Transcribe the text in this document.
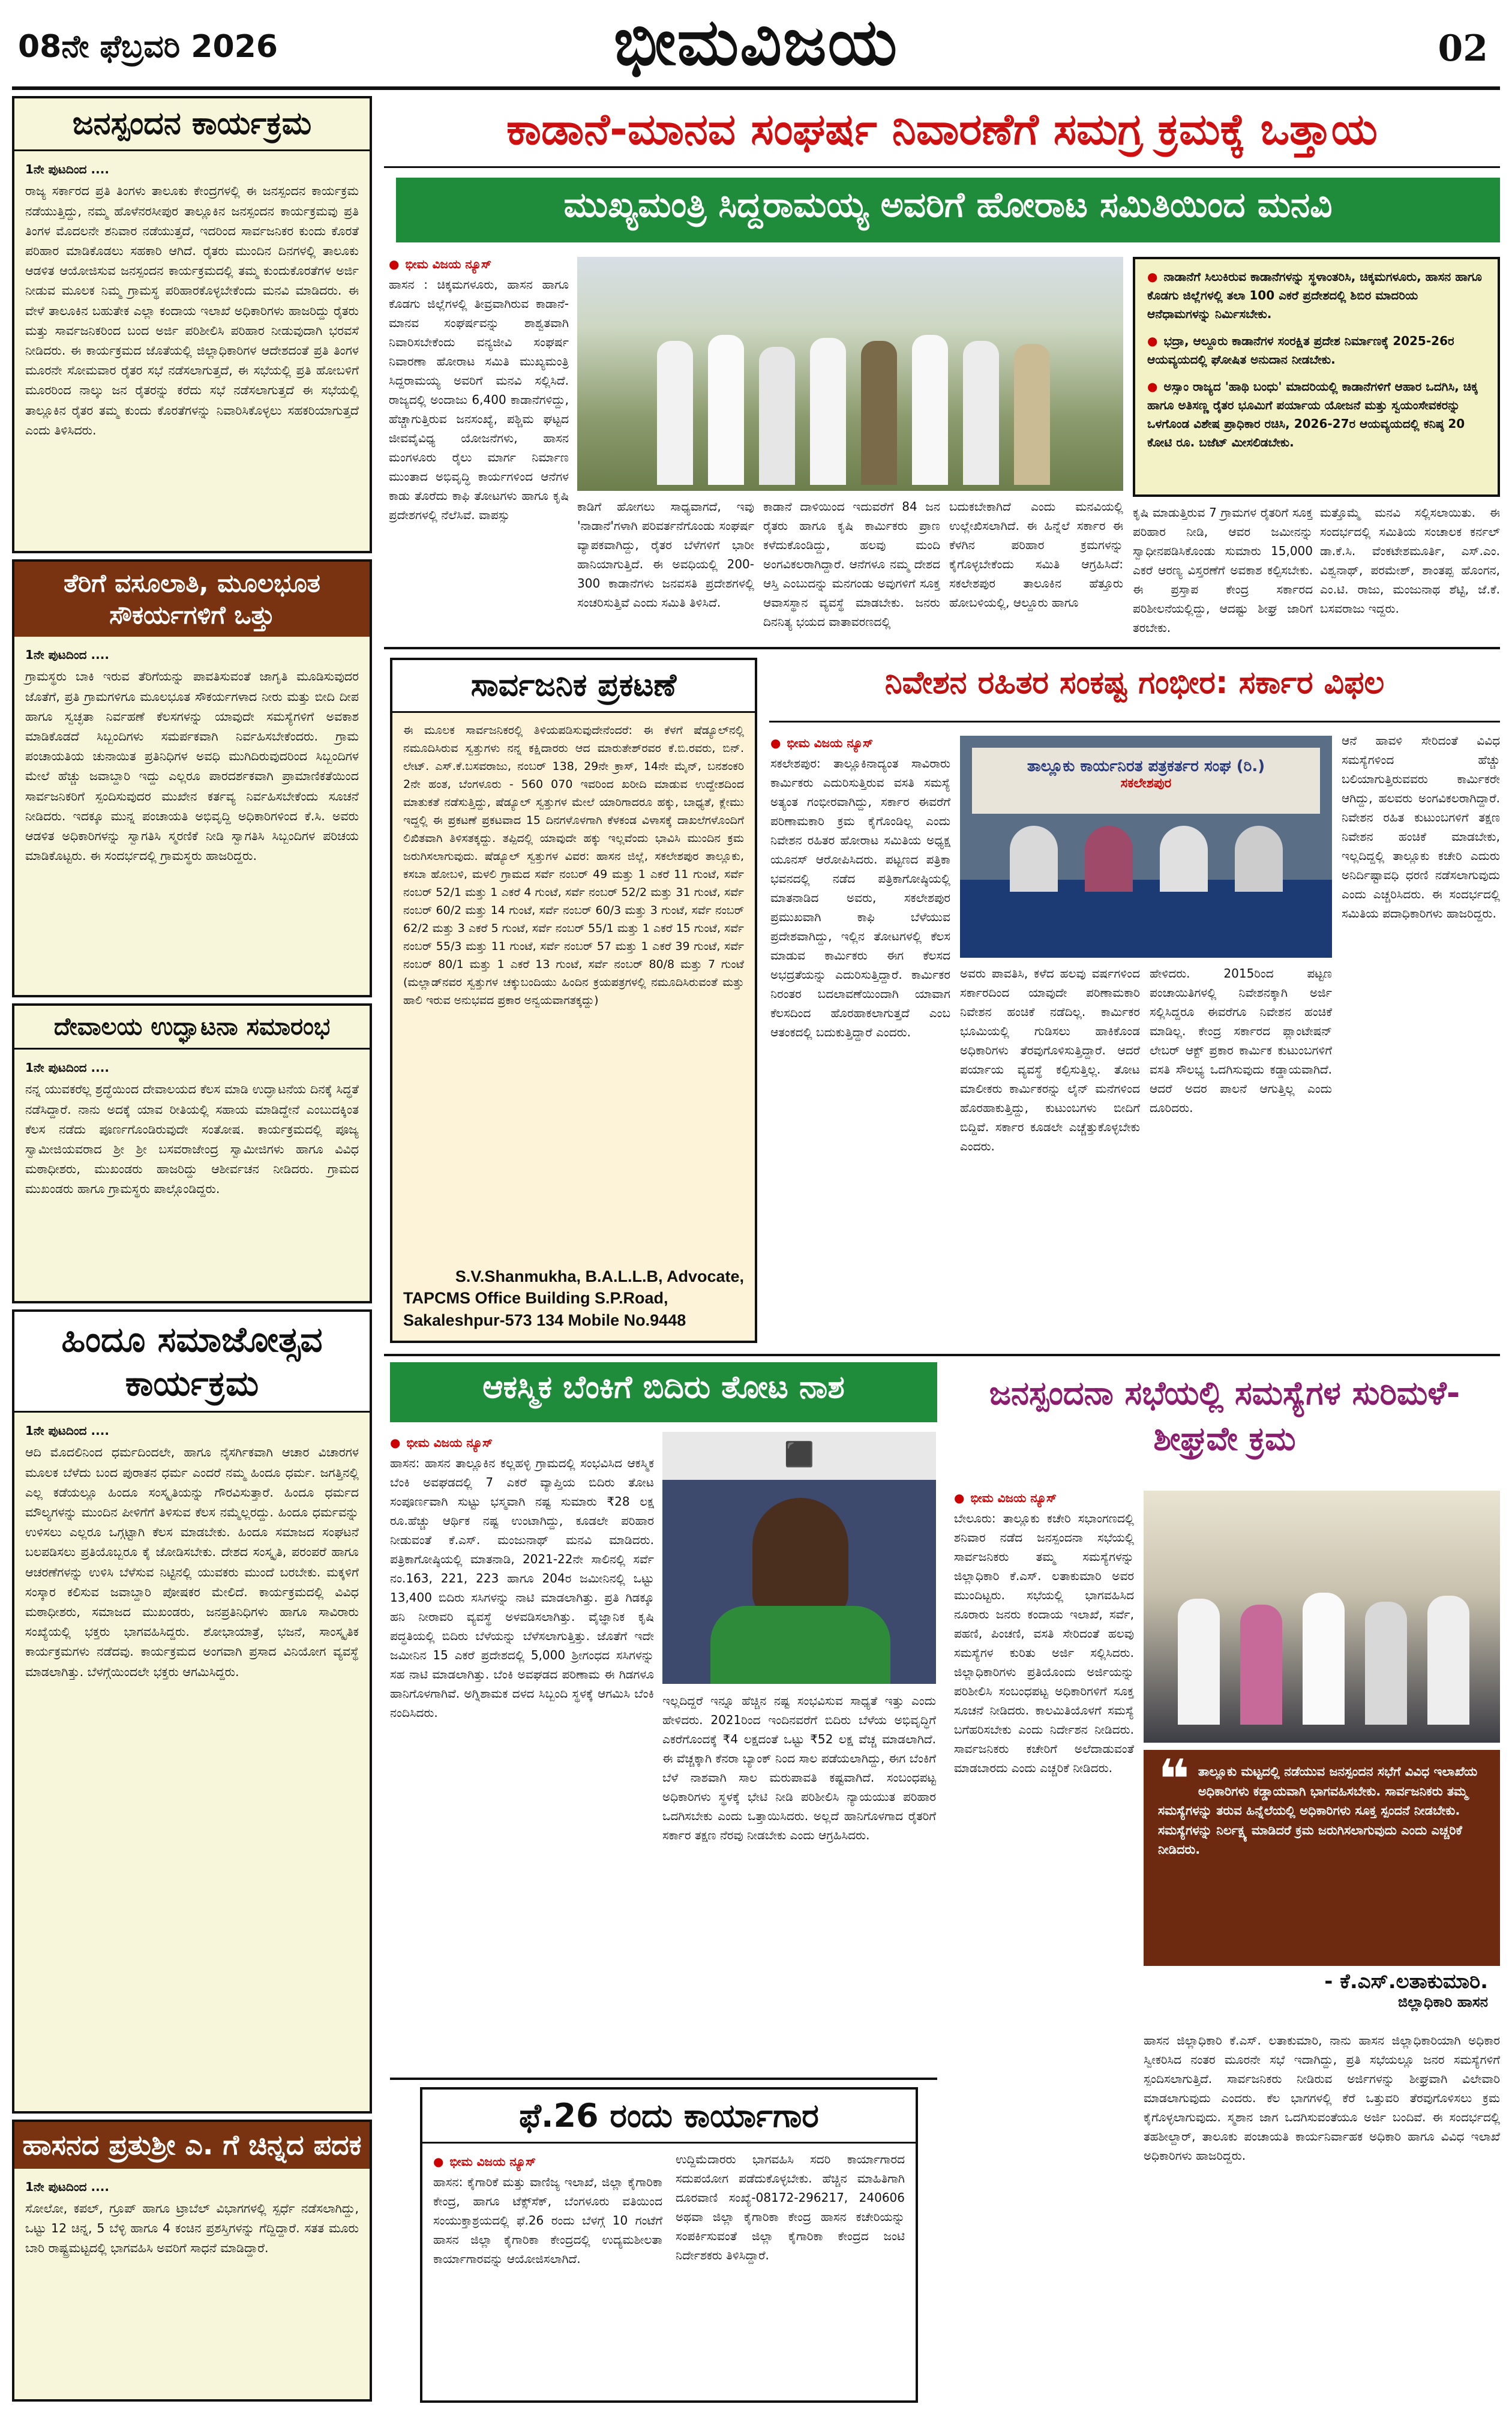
08ನೇ ಫೆಬ್ರವರಿ 2026	ಭೀಮವಿಜಯ	02
ಜನಸ್ಪಂದನ ಕಾರ್ಯಕ್ರಮ
1ನೇ ಪುಟದಿಂದ ....
ರಾಜ್ಯ ಸರ್ಕಾರದ ಪ್ರತಿ ತಿಂಗಳು ತಾಲೂಕು ಕೇಂದ್ರಗಳಲ್ಲಿ ಈ ಜನಸ್ಪಂದನ ಕಾರ್ಯಕ್ರಮ ನಡೆಯುತ್ತಿದ್ದು, ನಮ್ಮ ಹೊಳೆನರಸೀಪುರ ತಾಲ್ಲೂಕಿನ ಜನಸ್ಪಂದನ ಕಾರ್ಯಕ್ರಮವು ಪ್ರತಿ ತಿಂಗಳ ಮೊದಲನೇ ಶನಿವಾರ ನಡೆಯುತ್ತದೆ, ಇದರಿಂದ ಸಾರ್ವಜನಿಕರ ಕುಂದು ಕೊರತೆ ಪರಿಹಾರ ಮಾಡಿಕೊಡಲು ಸಹಕಾರಿ ಆಗಿದೆ. ರೈತರು ಮುಂದಿನ ದಿನಗಳಲ್ಲಿ ತಾಲೂಕು ಆಡಳಿತ ಆಯೋಜಿಸುವ ಜನಸ್ಪಂದನ ಕಾರ್ಯಕ್ರಮದಲ್ಲಿ ತಮ್ಮ ಕುಂದುಕೊರತೆಗಳ ಅರ್ಜಿ ನೀಡುವ ಮೂಲಕ ನಿಮ್ಮ ಗ್ರಾಮಸ್ಥ ಪರಿಹಾರಕೊಳ್ಳಬೇಕೆಂದು ಮನವಿ ಮಾಡಿದರು. ಈ ವೇಳೆ ತಾಲೂಕಿನ ಬಹುತೇಕ ಎಲ್ಲಾ ಕಂದಾಯ ಇಲಾಖೆ ಅಧಿಕಾರಿಗಳು ಹಾಜರಿದ್ದು ರೈತರು ಮತ್ತು ಸಾರ್ವಜನಿಕರಿಂದ ಬಂದ ಅರ್ಜಿ ಪರಿಶೀಲಿಸಿ ಪರಿಹಾರ ನೀಡುವುದಾಗಿ ಭರವಸೆ ನೀಡಿದರು. ಈ ಕಾರ್ಯಕ್ರಮದ ಜೊತೆಯಲ್ಲಿ ಜಿಲ್ಲಾಧಿಕಾರಿಗಳ ಆದೇಶದಂತೆ ಪ್ರತಿ ತಿಂಗಳ ಮೂರನೇ ಸೋಮವಾರ ರೈತರ ಸಭೆ ನಡೆಸಲಾಗುತ್ತದೆ, ಈ ಸಭೆಯಲ್ಲಿ ಪ್ರತಿ ಹೋಬಳಿಗೆ ಮೂರರಿಂದ ನಾಲ್ಕು ಜನ ರೈತರನ್ನು ಕರೆದು ಸಭೆ ನಡೆಸಲಾಗುತ್ತದೆ ಈ ಸಭೆಯಲ್ಲಿ ತಾಲ್ಲೂಕಿನ ರೈತರ ತಮ್ಮ ಕುಂದು ಕೊರತೆಗಳನ್ನು ನಿವಾರಿಸಿಕೊಳ್ಳಲು ಸಹಕರಿಯಾಗುತ್ತದೆ ಎಂದು ತಿಳಿಸಿದರು.
ತೆರಿಗೆ ವಸೂಲಾತಿ, ಮೂಲಭೂತ ಸೌಕರ್ಯಗಳಿಗೆ ಒತ್ತು
1ನೇ ಪುಟದಿಂದ ....
ಗ್ರಾಮಸ್ಥರು ಬಾಕಿ ಇರುವ ತೆರಿಗೆಯನ್ನು ಪಾವತಿಸುವಂತೆ ಜಾಗೃತಿ ಮೂಡಿಸುವುದರ ಜೊತೆಗೆ, ಪ್ರತಿ ಗ್ರಾಮಗಳಿಗೂ ಮೂಲಭೂತ ಸೌಕರ್ಯಗಳಾದ ನೀರು ಮತ್ತು ಬೀದಿ ದೀಪ ಹಾಗೂ ಸ್ವಚ್ಛತಾ ನಿರ್ವಹಣೆ ಕೆಲಸಗಳನ್ನು ಯಾವುದೇ ಸಮಸ್ಯೆಗಳಿಗೆ ಅವಕಾಶ ಮಾಡಿಕೊಡದೆ ಸಿಬ್ಬಂದಿಗಳು ಸಮರ್ಪಕವಾಗಿ ನಿರ್ವಹಿಸಬೇಕೆಂದರು. ಗ್ರಾಮ ಪಂಚಾಯತಿಯ ಚುನಾಯಿತ ಪ್ರತಿನಿಧಿಗಳ ಅವಧಿ ಮುಗಿದಿರುವುದರಿಂದ ಸಿಬ್ಬಂದಿಗಳ ಮೇಲೆ ಹೆಚ್ಚು ಜವಾಬ್ದಾರಿ ಇದ್ದು ಎಲ್ಲರೂ ಪಾರದರ್ಶಕವಾಗಿ ಪ್ರಾಮಾಣಿಕತೆಯಿಂದ ಸಾರ್ವಜನಿಕರಿಗೆ ಸ್ಪಂದಿಸುವುದರ ಮುಖೇನ ಕರ್ತವ್ಯ ನಿರ್ವಹಿಸಬೇಕೆಂದು ಸೂಚನೆ ನೀಡಿದರು. ಇದಕ್ಕೂ ಮುನ್ನ ಪಂಚಾಯತಿ ಅಭಿವೃದ್ದಿ ಅಧಿಕಾರಿಗಳಿಂದ ಕೆ.ಸಿ. ಅವರು ಆಡಳಿತ ಅಧಿಕಾರಿಗಳನ್ನು ಸ್ವಾಗತಿಸಿ ಸ್ಮರಣಿಕೆ ನೀಡಿ ಸ್ವಾಗತಿಸಿ ಸಿಬ್ಬಂದಿಗಳ ಪರಿಚಯ ಮಾಡಿಕೊಟ್ಟರು. ಈ ಸಂದರ್ಭದಲ್ಲಿ ಗ್ರಾಮಸ್ಥರು ಹಾಜರಿದ್ದರು.
ದೇವಾಲಯ ಉದ್ಘಾಟನಾ ಸಮಾರಂಭ
1ನೇ ಪುಟದಿಂದ ....
ನನ್ನ ಯುವಕರೆಲ್ಲ ಶ್ರದ್ಧೆಯಿಂದ ದೇವಾಲಯದ ಕೆಲಸ ಮಾಡಿ ಉದ್ಘಾಟನೆಯ ದಿನಕ್ಕೆ ಸಿದ್ಧತೆ ನಡೆಸಿದ್ದಾರೆ. ನಾನು ಅದಕ್ಕೆ ಯಾವ ರೀತಿಯಲ್ಲಿ ಸಹಾಯ ಮಾಡಿದ್ದೇನೆ ಎಂಬುದಕ್ಕಿಂತ ಕೆಲಸ ನಡೆದು ಪೂರ್ಣಗೊಂಡಿರುವುದೇ ಸಂತೋಷ. ಕಾರ್ಯಕ್ರಮದಲ್ಲಿ ಪೂಜ್ಯ ಸ್ವಾಮೀಜಿಯವರಾದ ಶ್ರೀ ಶ್ರೀ ಬಸವರಾಜೇಂದ್ರ ಸ್ವಾಮೀಜಿಗಳು ಹಾಗೂ ವಿವಿಧ ಮಠಾಧೀಶರು, ಮುಖಂಡರು ಹಾಜರಿದ್ದು ಆಶೀರ್ವಚನ ನೀಡಿದರು. ಗ್ರಾಮದ ಮುಖಂಡರು ಹಾಗೂ ಗ್ರಾಮಸ್ಥರು ಪಾಲ್ಗೊಂಡಿದ್ದರು.
ಹಿಂದೂ ಸಮಾಜೋತ್ಸವ ಕಾರ್ಯಕ್ರಮ
1ನೇ ಪುಟದಿಂದ ....
ಆದಿ ಮೊದಲಿನಿಂದ ಧರ್ಮದಿಂದಲೇ, ಹಾಗೂ ನೈಸರ್ಗಿಕವಾಗಿ ಆಚಾರ ವಿಚಾರಗಳ ಮೂಲಕ ಬೆಳೆದು ಬಂದ ಪುರಾತನ ಧರ್ಮ ಎಂದರೆ ನಮ್ಮ ಹಿಂದೂ ಧರ್ಮ. ಜಗತ್ತಿನಲ್ಲಿ ಎಲ್ಲ ಕಡೆಯಲ್ಲೂ ಹಿಂದೂ ಸಂಸ್ಕೃತಿಯನ್ನು ಗೌರವಿಸುತ್ತಾರೆ. ಹಿಂದೂ ಧರ್ಮದ ಮೌಲ್ಯಗಳನ್ನು ಮುಂದಿನ ಪೀಳಿಗೆಗೆ ತಿಳಿಸುವ ಕೆಲಸ ನಮ್ಮೆಲ್ಲರದ್ದು. ಹಿಂದೂ ಧರ್ಮವನ್ನು ಉಳಿಸಲು ಎಲ್ಲರೂ ಒಗ್ಗಟ್ಟಾಗಿ ಕೆಲಸ ಮಾಡಬೇಕು. ಹಿಂದೂ ಸಮಾಜದ ಸಂಘಟನೆ ಬಲಪಡಿಸಲು ಪ್ರತಿಯೊಬ್ಬರೂ ಕೈ ಜೋಡಿಸಬೇಕು. ದೇಶದ ಸಂಸ್ಕೃತಿ, ಪರಂಪರೆ ಹಾಗೂ ಆಚರಣೆಗಳನ್ನು ಉಳಿಸಿ ಬೆಳೆಸುವ ನಿಟ್ಟಿನಲ್ಲಿ ಯುವಕರು ಮುಂದೆ ಬರಬೇಕು. ಮಕ್ಕಳಿಗೆ ಸಂಸ್ಕಾರ ಕಲಿಸುವ ಜವಾಬ್ದಾರಿ ಪೋಷಕರ ಮೇಲಿದೆ. ಕಾರ್ಯಕ್ರಮದಲ್ಲಿ ವಿವಿಧ ಮಠಾಧೀಶರು, ಸಮಾಜದ ಮುಖಂಡರು, ಜನಪ್ರತಿನಿಧಿಗಳು ಹಾಗೂ ಸಾವಿರಾರು ಸಂಖ್ಯೆಯಲ್ಲಿ ಭಕ್ತರು ಭಾಗವಹಿಸಿದ್ದರು. ಶೋಭಾಯಾತ್ರೆ, ಭಜನೆ, ಸಾಂಸ್ಕೃತಿಕ ಕಾರ್ಯಕ್ರಮಗಳು ನಡೆದವು. ಕಾರ್ಯಕ್ರಮದ ಅಂಗವಾಗಿ ಪ್ರಸಾದ ವಿನಿಯೋಗ ವ್ಯವಸ್ಥೆ ಮಾಡಲಾಗಿತ್ತು. ಬೆಳಗ್ಗೆಯಿಂದಲೇ ಭಕ್ತರು ಆಗಮಿಸಿದ್ದರು.
ಹಾಸನದ ಪ್ರತುಶ್ರೀ ಎ. ಗೆ ಚಿನ್ನದ ಪದಕ
1ನೇ ಪುಟದಿಂದ ....
ಸೋಲೋ, ಕಪಲ್, ಗ್ರೂಪ್ ಹಾಗೂ ಟ್ರಾಬೆಲ್ ವಿಭಾಗಗಳಲ್ಲಿ ಸ್ಪರ್ಧೆ ನಡೆಸಲಾಗಿದ್ದು, ಒಟ್ಟು 12 ಚಿನ್ನ, 5 ಬೆಳ್ಳಿ ಹಾಗೂ 4 ಕಂಚಿನ ಪ್ರಶಸ್ತಿಗಳನ್ನು ಗೆದ್ದಿದ್ದಾರೆ. ಸತತ ಮೂರು ಬಾರಿ ರಾಷ್ಟ್ರಮಟ್ಟದಲ್ಲಿ ಭಾಗವಹಿಸಿ ಅವರಿಗೆ ಸಾಧನೆ ಮಾಡಿದ್ದಾರೆ.
ಕಾಡಾನೆ-ಮಾನವ ಸಂಘರ್ಷ ನಿವಾರಣೆಗೆ ಸಮಗ್ರ ಕ್ರಮಕ್ಕೆ ಒತ್ತಾಯ
ಮುಖ್ಯಮಂತ್ರಿ ಸಿದ್ದರಾಮಯ್ಯ ಅವರಿಗೆ ಹೋರಾಟ ಸಮಿತಿಯಿಂದ ಮನವಿ
● ಭೀಮ ವಿಜಯ ನ್ಯೂಸ್
ಹಾಸನ : ಚಿಕ್ಕಮಗಳೂರು, ಹಾಸನ ಹಾಗೂ ಕೊಡಗು ಜಿಲ್ಲೆಗಳಲ್ಲಿ ತೀವ್ರವಾಗಿರುವ ಕಾಡಾನೆ-ಮಾನವ ಸಂಘರ್ಷವನ್ನು ಶಾಶ್ವತವಾಗಿ ನಿವಾರಿಸಬೇಕೆಂದು ವನ್ಯಜೀವಿ ಸಂಘರ್ಷ ನಿವಾರಣಾ ಹೋರಾಟ ಸಮಿತಿ ಮುಖ್ಯಮಂತ್ರಿ ಸಿದ್ದರಾಮಯ್ಯ ಅವರಿಗೆ ಮನವಿ ಸಲ್ಲಿಸಿದೆ. ರಾಜ್ಯದಲ್ಲಿ ಅಂದಾಜು 6,400 ಕಾಡಾನೆಗಳಿದ್ದು, ಹೆಚ್ಚಾಗುತ್ತಿರುವ ಜನಸಂಖ್ಯೆ, ಪಶ್ಚಿಮ ಘಟ್ಟದ ಜೀವವೈವಿಧ್ಯ ಯೋಜನೆಗಳು, ಹಾಸನ ಮಂಗಳೂರು ರೈಲು ಮಾರ್ಗ ನಿರ್ಮಾಣ ಮುಂತಾದ ಅಭಿವೃದ್ಧಿ ಕಾರ್ಯಗಳಿಂದ ಆನೆಗಳ ಕಾಡು ತೊರೆದು ಕಾಫಿ ತೋಟಗಳು ಹಾಗೂ ಕೃಷಿ ಪ್ರದೇಶಗಳಲ್ಲಿ ನೆಲೆಸಿವೆ. ವಾಪಸ್ಸು

● ನಾಡಾನೆಗೆ ಸಿಲುಕಿರುವ ಕಾಡಾನೆಗಳನ್ನು ಸ್ಥಳಾಂತರಿಸಿ, ಚಿಕ್ಕಮಗಳೂರು, ಹಾಸನ ಹಾಗೂ ಕೊಡಗು ಜಿಲ್ಲೆಗಳಲ್ಲಿ ತಲಾ 100 ಎಕರೆ ಪ್ರದೇಶದಲ್ಲಿ ಶಿಬಿರ ಮಾದರಿಯ ಆನೆಧಾಮಗಳನ್ನು ನಿರ್ಮಿಸಬೇಕು.

● ಭದ್ರಾ, ಆಲ್ದೂರು ಕಾಡಾನೆಗಳ ಸಂರಕ್ಷಿತ ಪ್ರದೇಶ ನಿರ್ಮಾಣಕ್ಕೆ 2025-26ರ ಆಯವ್ಯಯದಲ್ಲಿ ಘೋಷಿತ ಅನುದಾನ ನೀಡಬೇಕು.

● ಅಸ್ಸಾಂ ರಾಜ್ಯದ 'ಹಾಥಿ ಬಂಧು' ಮಾದರಿಯಲ್ಲಿ ಕಾಡಾನೆಗಳಿಗೆ ಆಹಾರ ಒದಗಿಸಿ, ಚಿಕ್ಕ ಹಾಗೂ ಅತಿಸಣ್ಣ ರೈತರ ಭೂಮಿಗೆ ಪರ್ಯಾಯ ಯೋಜನೆ ಮತ್ತು ಸ್ವಯಂಸೇವಕರನ್ನು ಒಳಗೊಂಡ ವಿಶೇಷ ಪ್ರಾಧಿಕಾರ ರಚಿಸಿ, 2026-27ರ ಆಯವ್ಯಯದಲ್ಲಿ ಕನಿಷ್ಠ 20 ಕೋಟಿ ರೂ. ಬಜೆಟ್ ಮೀಸಲಿಡಬೇಕು.

ಕಾಡಿಗೆ ಹೋಗಲು ಸಾಧ್ಯವಾಗದೆ, ಇವು 'ನಾಡಾನೆ'ಗಳಾಗಿ ಪರಿವರ್ತನೆಗೊಂಡು ಸಂಘರ್ಷ ವ್ಯಾಪಕವಾಗಿದ್ದು, ರೈತರ ಬೆಳೆಗಳಿಗೆ ಭಾರೀ ಹಾನಿಯಾಗುತ್ತಿದೆ. ಈ ಅವಧಿಯಲ್ಲಿ 200-300 ಕಾಡಾನೆಗಳು ಜನವಸತಿ ಪ್ರದೇಶಗಳಲ್ಲಿ ಸಂಚರಿಸುತ್ತಿವೆ ಎಂದು ಸಮಿತಿ ತಿಳಿಸಿದೆ.
ಕಾಡಾನೆ ದಾಳಿಯಿಂದ ಇದುವರೆಗೆ 84 ಜನ ರೈತರು ಹಾಗೂ ಕೃಷಿ ಕಾರ್ಮಿಕರು ಪ್ರಾಣ ಕಳೆದುಕೊಂಡಿದ್ದು, ಹಲವು ಮಂದಿ ಅಂಗವಿಕಲರಾಗಿದ್ದಾರೆ. ಆನೆಗಳೂ ನಮ್ಮ ದೇಶದ ಆಸ್ತಿ ಎಂಬುದನ್ನು ಮನಗಂಡು ಅವುಗಳಿಗೆ ಸೂಕ್ತ ಆವಾಸಸ್ಥಾನ ವ್ಯವಸ್ಥೆ ಮಾಡಬೇಕು. ಜನರು ದಿನನಿತ್ಯ ಭಯದ ವಾತಾವರಣದಲ್ಲಿ
ಬದುಕಬೇಕಾಗಿದೆ ಎಂದು ಮನವಿಯಲ್ಲಿ ಉಲ್ಲೇಖಿಸಲಾಗಿದೆ. ಈ ಹಿನ್ನೆಲೆ ಸರ್ಕಾರ ಈ ಕೆಳಗಿನ ಪರಿಹಾರ ಕ್ರಮಗಳನ್ನು ಕೈಗೊಳ್ಳಬೇಕೆಂದು ಸಮಿತಿ ಆಗ್ರಹಿಸಿದೆ: ಸಕಲೇಶಪುರ ತಾಲೂಕಿನ ಹೆತ್ತೂರು ಹೋಬಳಿಯಲ್ಲಿ, ಆಲ್ದೂರು ಹಾಗೂ
ಕೃಷಿ ಮಾಡುತ್ತಿರುವ 7 ಗ್ರಾಮಗಳ ರೈತರಿಗೆ ಸೂಕ್ತ ಪರಿಹಾರ ನೀಡಿ, ಆವರ ಜಮೀನನ್ನು ಸ್ವಾಧೀನಪಡಿಸಿಕೊಂಡು ಸುಮಾರು 15,000 ಎಕರೆ ಆರಣ್ಯ ವಿಸ್ತರಣೆಗೆ ಅವಕಾಶ ಕಲ್ಪಿಸಬೇಕು. ಈ ಪ್ರಸ್ತಾಪ ಕೇಂದ್ರ ಸರ್ಕಾರದ ಪರಿಶೀಲನೆಯಲ್ಲಿದ್ದು, ಆದಷ್ಟು ಶೀಘ್ರ ಜಾರಿಗೆ ತರಬೇಕು.
ಮತ್ತೊಮ್ಮೆ ಮನವಿ ಸಲ್ಲಿಸಲಾಯಿತು. ಈ ಸಂದರ್ಭದಲ್ಲಿ ಸಮಿತಿಯ ಸಂಚಾಲಕ ಕರ್ನಲ್ ಡಾ.ಕೆ.ಸಿ. ವೆಂಕಟೇಶಮೂರ್ತಿ, ಎಸ್.ಎಂ. ವಿಶ್ವನಾಥ್, ಪರಮೇಶ್, ಶಾಂತಪ್ಪ ಹೊಂಗನ, ಎಂ.ಟಿ. ರಾಜು, ಮಂಜುನಾಥ ಶೆಟ್ಟಿ, ಜೆ.ಕೆ. ಬಸವರಾಜು ಇದ್ದರು.
ಸಾರ್ವಜನಿಕ ಪ್ರಕಟಣೆ
ಈ ಮೂಲಕ ಸಾರ್ವಜನಿಕರಲ್ಲಿ ತಿಳಿಯಪಡಿಸುವುದೇನೆಂದರೆ: ಈ ಕೆಳಗೆ ಷೆಡ್ಯೂಲ್‌ನಲ್ಲಿ ನಮೂದಿಸಿರುವ ಸ್ವತ್ತುಗಳು ನನ್ನ ಕಕ್ಷಿದಾರರು ಆದ ಮಾರುತೇಶ್‌ರವರ ಕೆ.ಬಿ.ರವರು, ಬಿನ್. ಲೇಟ್. ಎಸ್.ಕೆ.ಬಸವರಾಜು, ನಂಬರ್ 138, 29ನೇ ಕ್ರಾಸ್, 14ನೇ ಮೈನ್, ಬನಶಂಕರಿ 2ನೇ ಹಂತ, ಬೆಂಗಳೂರು - 560 070 ಇವರಿಂದ ಖರೀದಿ ಮಾಡುವ ಉದ್ದೇಶದಿಂದ ಮಾತುಕತೆ ನಡೆಸುತ್ತಿದ್ದು, ಷೆಡ್ಯೂಲ್ ಸ್ವತ್ತುಗಳ ಮೇಲೆ ಯಾರಿಗಾದರೂ ಹಕ್ಕು, ಬಾಧ್ಯತೆ, ಕ್ಲೇಮು ಇದ್ದಲ್ಲಿ ಈ ಪ್ರಕಟಣೆ ಪ್ರಕಟವಾದ 15 ದಿನಗಳೊಳಗಾಗಿ ಕೆಳಕಂಡ ವಿಳಾಸಕ್ಕೆ ದಾಖಲೆಗಳೊಂದಿಗೆ ಲಿಖಿತವಾಗಿ ತಿಳಿಸತಕ್ಕದ್ದು. ತಪ್ಪಿದಲ್ಲಿ ಯಾವುದೇ ಹಕ್ಕು ಇಲ್ಲವೆಂದು ಭಾವಿಸಿ ಮುಂದಿನ ಕ್ರಮ ಜರುಗಿಸಲಾಗುವುದು. ಷೆಡ್ಯೂಲ್ ಸ್ವತ್ತುಗಳ ವಿವರ: ಹಾಸನ ಜಿಲ್ಲೆ, ಸಕಲೇಶಪುರ ತಾಲ್ಲೂಕು, ಕಸಬಾ ಹೋಬಳಿ, ಮಳಲಿ ಗ್ರಾಮದ ಸರ್ವೆ ನಂಬರ್ 49 ಮತ್ತು 1 ಎಕರೆ 11 ಗುಂಟೆ, ಸರ್ವೆ ನಂಬರ್ 52/1 ಮತ್ತು 1 ಎಕರೆ 4 ಗುಂಟೆ, ಸರ್ವೆ ನಂಬರ್ 52/2 ಮತ್ತು 31 ಗುಂಟೆ, ಸರ್ವೆ ನಂಬರ್ 60/2 ಮತ್ತು 14 ಗುಂಟೆ, ಸರ್ವೆ ನಂಬರ್ 60/3 ಮತ್ತು 3 ಗುಂಟೆ, ಸರ್ವೆ ನಂಬರ್ 62/2 ಮತ್ತು 3 ಎಕರೆ 5 ಗುಂಟೆ, ಸರ್ವೆ ನಂಬರ್ 55/1 ಮತ್ತು 1 ಎಕರೆ 15 ಗುಂಟೆ, ಸರ್ವೆ ನಂಬರ್ 55/3 ಮತ್ತು 11 ಗುಂಟೆ, ಸರ್ವೆ ನಂಬರ್ 57 ಮತ್ತು 1 ಎಕರೆ 39 ಗುಂಟೆ, ಸರ್ವೆ ನಂಬರ್ 80/1 ಮತ್ತು 1 ಎಕರೆ 13 ಗುಂಟೆ, ಸರ್ವೆ ನಂಬರ್ 80/8 ಮತ್ತು 7 ಗುಂಟೆ (ಮಲ್ಲಾಡ್‌ನವರ ಸ್ವತ್ತುಗಳ ಚಕ್ಕುಬಂದಿಯು ಹಿಂದಿನ ಕ್ರಯಪತ್ರಗಳಲ್ಲಿ ನಮೂದಿಸಿರುವಂತೆ ಮತ್ತು ಹಾಲಿ ಇರುವ ಅನುಭವದ ಪ್ರಕಾರ ಅನ್ವಯವಾಗತಕ್ಕದ್ದು)
S.V.Shanmukha, B.A.L.L.B, Advocate,
TAPCMS Office Building S.P.Road,
Sakaleshpur-573 134 Mobile No.9448
ನಿವೇಶನ ರಹಿತರ ಸಂಕಷ್ಟ ಗಂಭೀರ: ಸರ್ಕಾರ ವಿಫಲ
● ಭೀಮ ವಿಜಯ ನ್ಯೂಸ್
ಸಕಲೇಶಪುರ: ತಾಲ್ಲೂಕಿನಾದ್ಯಂತ ಸಾವಿರಾರು ಕಾರ್ಮಿಕರು ಎದುರಿಸುತ್ತಿರುವ ವಸತಿ ಸಮಸ್ಯೆ ಅತ್ಯಂತ ಗಂಭೀರವಾಗಿದ್ದು, ಸರ್ಕಾರ ಈವರೆಗೆ ಪರಿಣಾಮಕಾರಿ ಕ್ರಮ ಕೈಗೊಂಡಿಲ್ಲ ಎಂದು ನಿವೇಶನ ರಹಿತರ ಹೋರಾಟ ಸಮಿತಿಯ ಅಧ್ಯಕ್ಷ ಯೂನಸ್ ಆರೋಪಿಸಿದರು. ಪಟ್ಟಣದ ಪತ್ರಿಕಾ ಭವನದಲ್ಲಿ ನಡೆದ ಪತ್ರಿಕಾಗೋಷ್ಠಿಯಲ್ಲಿ ಮಾತನಾಡಿದ ಅವರು, ಸಕಲೇಶಪುರ ಪ್ರಮುಖವಾಗಿ ಕಾಫಿ ಬೆಳೆಯುವ ಪ್ರದೇಶವಾಗಿದ್ದು, ಇಲ್ಲಿನ ತೋಟಗಳಲ್ಲಿ ಕೆಲಸ ಮಾಡುವ ಕಾರ್ಮಿಕರು ಈಗ ಕೆಲಸದ ಅಭದ್ರತೆಯನ್ನು ಎದುರಿಸುತ್ತಿದ್ದಾರೆ. ಕಾರ್ಮಿಕರ ನಿರಂತರ ಬದಲಾವಣೆಯಿಂದಾಗಿ ಯಾವಾಗ ಕೆಲಸದಿಂದ ಹೊರಹಾಕಲಾಗುತ್ತದೆ ಎಂಬ ಆತಂಕದಲ್ಲಿ ಬದುಕುತ್ತಿದ್ದಾರೆ ಎಂದರು.
ತಾಲ್ಲೂಕು ಕಾರ್ಯನಿರತ ಪತ್ರಕರ್ತರ ಸಂಘ (ರಿ.)
ಸಕಲೇಶಪುರ
ಆನೆ ಹಾವಳಿ ಸೇರಿದಂತೆ ವಿವಿಧ ಸಮಸ್ಯೆಗಳಿಂದ ಹೆಚ್ಚು ಬಲಿಯಾಗುತ್ತಿರುವವರು ಕಾರ್ಮಿಕರೇ ಆಗಿದ್ದು, ಹಲವರು ಅಂಗವಿಕಲರಾಗಿದ್ದಾರೆ. ನಿವೇಶನ ರಹಿತ ಕುಟುಂಬಗಳಿಗೆ ತಕ್ಷಣ ನಿವೇಶನ ಹಂಚಿಕೆ ಮಾಡಬೇಕು, ಇಲ್ಲದಿದ್ದಲ್ಲಿ ತಾಲ್ಲೂಕು ಕಚೇರಿ ಎದುರು ಅನಿರ್ದಿಷ್ಟಾವಧಿ ಧರಣಿ ನಡೆಸಲಾಗುವುದು ಎಂದು ಎಚ್ಚರಿಸಿದರು. ಈ ಸಂದರ್ಭದಲ್ಲಿ ಸಮಿತಿಯ ಪದಾಧಿಕಾರಿಗಳು ಹಾಜರಿದ್ದರು.
ಅವರು ಪಾವತಿಸಿ, ಕಳೆದ ಹಲವು ವರ್ಷಗಳಿಂದ ಸರ್ಕಾರದಿಂದ ಯಾವುದೇ ಪರಿಣಾಮಕಾರಿ ನಿವೇಶನ ಹಂಚಿಕೆ ನಡೆದಿಲ್ಲ. ಕಾರ್ಮಿಕರ ಭೂಮಿಯಲ್ಲಿ ಗುಡಿಸಲು ಹಾಕಿಕೊಂಡ ಅಧಿಕಾರಿಗಳು ತೆರವುಗೊಳಿಸುತ್ತಿದ್ದಾರೆ. ಆದರೆ ಪರ್ಯಾಯ ವ್ಯವಸ್ಥೆ ಕಲ್ಪಿಸುತ್ತಿಲ್ಲ. ತೋಟ ಮಾಲೀಕರು ಕಾರ್ಮಿಕರನ್ನು ಲೈನ್ ಮನೆಗಳಿಂದ ಹೊರಹಾಕುತ್ತಿದ್ದು, ಕುಟುಂಬಗಳು ಬೀದಿಗೆ ಬಿದ್ದಿವೆ. ಸರ್ಕಾರ ಕೂಡಲೇ ಎಚ್ಚೆತ್ತುಕೊಳ್ಳಬೇಕು ಎಂದರು.
ಹೇಳಿದರು. 2015ರಿಂದ ಪಟ್ಟಣ ಪಂಚಾಯಿತಿಗಳಲ್ಲಿ ನಿವೇಶನಕ್ಕಾಗಿ ಅರ್ಜಿ ಸಲ್ಲಿಸಿದ್ದರೂ ಈವರೆಗೂ ನಿವೇಶನ ಹಂಚಿಕೆ ಮಾಡಿಲ್ಲ. ಕೇಂದ್ರ ಸರ್ಕಾರದ ಪ್ಲಾಂಟೇಷನ್ ಲೇಬರ್ ಆಕ್ಟ್ ಪ್ರಕಾರ ಕಾರ್ಮಿಕ ಕುಟುಂಬಗಳಿಗೆ ವಸತಿ ಸೌಲಭ್ಯ ಒದಗಿಸುವುದು ಕಡ್ಡಾಯವಾಗಿದೆ. ಆದರೆ ಅದರ ಪಾಲನೆ ಆಗುತ್ತಿಲ್ಲ ಎಂದು ದೂರಿದರು.
ಆಕಸ್ಮಿಕ ಬೆಂಕಿಗೆ ಬಿದಿರು ತೋಟ ನಾಶ
● ಭೀಮ ವಿಜಯ ನ್ಯೂಸ್
ಹಾಸನ: ಹಾಸನ ತಾಲ್ಲೂಕಿನ ಕಲ್ಲಹಳ್ಳಿ ಗ್ರಾಮದಲ್ಲಿ ಸಂಭವಿಸಿದ ಆಕಸ್ಮಿಕ ಬೆಂಕಿ ಅವಘಡದಲ್ಲಿ 7 ಎಕರೆ ವ್ಯಾಪ್ತಿಯ ಬಿದಿರು ತೋಟ ಸಂಪೂರ್ಣವಾಗಿ ಸುಟ್ಟು ಭಸ್ಮವಾಗಿ ನಷ್ಟ ಸುಮಾರು ₹28 ಲಕ್ಷ ರೂ.ಹೆಚ್ಚು ಆರ್ಥಿಕ ನಷ್ಟ ಉಂಟಾಗಿದ್ದು, ಕೂಡಲೇ ಪರಿಹಾರ ನೀಡುವಂತೆ ಕೆ.ಎಸ್. ಮಂಜುನಾಥ್ ಮನವಿ ಮಾಡಿದರು. ಪತ್ರಿಕಾಗೋಷ್ಠಿಯಲ್ಲಿ ಮಾತನಾಡಿ, 2021-22ನೇ ಸಾಲಿನಲ್ಲಿ ಸರ್ವೆ ನಂ.163, 221, 223 ಹಾಗೂ 204ರ ಜಮೀನಿನಲ್ಲಿ ಒಟ್ಟು 13,400 ಬಿದಿರು ಸಸಿಗಳನ್ನು ನಾಟಿ ಮಾಡಲಾಗಿತ್ತು. ಪ್ರತಿ ಗಿಡಕ್ಕೂ ಹನಿ ನೀರಾವರಿ ವ್ಯವಸ್ಥೆ ಅಳವಡಿಸಲಾಗಿತ್ತು. ವೈಜ್ಞಾನಿಕ ಕೃಷಿ ಪದ್ಧತಿಯಲ್ಲಿ ಬಿದಿರು ಬೆಳೆಯನ್ನು ಬೆಳೆಸಲಾಗುತ್ತಿತ್ತು. ಜೊತೆಗೆ ಇದೇ ಜಮೀನಿನ 15 ಎಕರೆ ಪ್ರದೇಶದಲ್ಲಿ 5,000 ಶ್ರೀಗಂಧದ ಸಸಿಗಳನ್ನು ಸಹ ನಾಟಿ ಮಾಡಲಾಗಿತ್ತು. ಬೆಂಕಿ ಅವಘಡದ ಪರಿಣಾಮ ಈ ಗಿಡಗಳೂ ಹಾನಿಗೊಳಗಾಗಿವೆ. ಅಗ್ನಿಶಾಮಕ ದಳದ ಸಿಬ್ಬಂದಿ ಸ್ಥಳಕ್ಕೆ ಆಗಮಿಸಿ ಬೆಂಕಿ ನಂದಿಸಿದರು.
⬛
ಇಲ್ಲದಿದ್ದರೆ ಇನ್ನೂ ಹೆಚ್ಚಿನ ನಷ್ಟ ಸಂಭವಿಸುವ ಸಾಧ್ಯತೆ ಇತ್ತು ಎಂದು ಹೇಳಿದರು. 2021ರಿಂದ ಇಂದಿನವರೆಗೆ ಬಿದಿರು ಬೆಳೆಯ ಅಭಿವೃದ್ಧಿಗೆ ಎಕರೆಗೊಂದಕ್ಕೆ ₹4 ಲಕ್ಷದಂತೆ ಒಟ್ಟು ₹52 ಲಕ್ಷ ವೆಚ್ಚ ಮಾಡಲಾಗಿದೆ. ಈ ವೆಚ್ಚಕ್ಕಾಗಿ ಕೆನರಾ ಬ್ಯಾಂಕ್ ನಿಂದ ಸಾಲ ಪಡೆಯಲಾಗಿದ್ದು, ಈಗ ಬೆಂಕಿಗೆ ಬೆಳೆ ನಾಶವಾಗಿ ಸಾಲ ಮರುಪಾವತಿ ಕಷ್ಟವಾಗಿದೆ. ಸಂಬಂಧಪಟ್ಟ ಅಧಿಕಾರಿಗಳು ಸ್ಥಳಕ್ಕೆ ಭೇಟಿ ನೀಡಿ ಪರಿಶೀಲಿಸಿ ನ್ಯಾಯಯುತ ಪರಿಹಾರ ಒದಗಿಸಬೇಕು ಎಂದು ಒತ್ತಾಯಿಸಿದರು. ಅಲ್ಲದೆ ಹಾನಿಗೊಳಗಾದ ರೈತರಿಗೆ ಸರ್ಕಾರ ತಕ್ಷಣ ನೆರವು ನೀಡಬೇಕು ಎಂದು ಆಗ್ರಹಿಸಿದರು.
ಜನಸ್ಪಂದನಾ ಸಭೆಯಲ್ಲಿ ಸಮಸ್ಯೆಗಳ ಸುರಿಮಳೆ-ಶೀಘ್ರವೇ ಕ್ರಮ
● ಭೀಮ ವಿಜಯ ನ್ಯೂಸ್
ಬೇಲೂರು: ತಾಲ್ಲೂಕು ಕಚೇರಿ ಸಭಾಂಗಣದಲ್ಲಿ ಶನಿವಾರ ನಡೆದ ಜನಸ್ಪಂದನಾ ಸಭೆಯಲ್ಲಿ ಸಾರ್ವಜನಿಕರು ತಮ್ಮ ಸಮಸ್ಯೆಗಳನ್ನು ಜಿಲ್ಲಾಧಿಕಾರಿ ಕೆ.ಎಸ್. ಲತಾಕುಮಾರಿ ಅವರ ಮುಂದಿಟ್ಟರು. ಸಭೆಯಲ್ಲಿ ಭಾಗವಹಿಸಿದ ನೂರಾರು ಜನರು ಕಂದಾಯ ಇಲಾಖೆ, ಸರ್ವೆ, ಪಹಣಿ, ಪಿಂಚಣಿ, ವಸತಿ ಸೇರಿದಂತೆ ಹಲವು ಸಮಸ್ಯೆಗಳ ಕುರಿತು ಅರ್ಜಿ ಸಲ್ಲಿಸಿದರು. ಜಿಲ್ಲಾಧಿಕಾರಿಗಳು ಪ್ರತಿಯೊಂದು ಅರ್ಜಿಯನ್ನು ಪರಿಶೀಲಿಸಿ ಸಂಬಂಧಪಟ್ಟ ಅಧಿಕಾರಿಗಳಿಗೆ ಸೂಕ್ತ ಸೂಚನೆ ನೀಡಿದರು. ಕಾಲಮಿತಿಯೊಳಗೆ ಸಮಸ್ಯೆ ಬಗೆಹರಿಸಬೇಕು ಎಂದು ನಿರ್ದೇಶನ ನೀಡಿದರು. ಸಾರ್ವಜನಿಕರು ಕಚೇರಿಗೆ ಅಲೆದಾಡುವಂತೆ ಮಾಡಬಾರದು ಎಂದು ಎಚ್ಚರಿಕೆ ನೀಡಿದರು. ❝ ತಾಲ್ಲೂಕು ಮಟ್ಟದಲ್ಲಿ ನಡೆಯುವ ಜನಸ್ಪಂದನ ಸಭೆಗೆ ವಿವಿಧ ಇಲಾಖೆಯ ಅಧಿಕಾರಿಗಳು ಕಡ್ಡಾಯವಾಗಿ ಭಾಗವಹಿಸಬೇಕು. ಸಾರ್ವಜನಿಕರು ತಮ್ಮ ಸಮಸ್ಯೆಗಳನ್ನು ತರುವ ಹಿನ್ನೆಲೆಯಲ್ಲಿ ಅಧಿಕಾರಿಗಳು ಸೂಕ್ತ ಸ್ಪಂದನೆ ನೀಡಬೇಕು. ಸಮಸ್ಯೆಗಳನ್ನು ನಿರ್ಲಕ್ಷ್ಯ ಮಾಡಿದರೆ ಕ್ರಮ ಜರುಗಿಸಲಾಗುವುದು ಎಂದು ಎಚ್ಚರಿಕೆ ನೀಡಿದರು.
- ಕೆ.ಎಸ್.ಲತಾಕುಮಾರಿ.
ಜಿಲ್ಲಾಧಿಕಾರಿ ಹಾಸನ
ಹಾಸನ ಜಿಲ್ಲಾಧಿಕಾರಿ ಕೆ.ಎಸ್. ಲತಾಕುಮಾರಿ, ನಾನು ಹಾಸನ ಜಿಲ್ಲಾಧಿಕಾರಿಯಾಗಿ ಅಧಿಕಾರ ಸ್ವೀಕರಿಸಿದ ನಂತರ ಮೂರನೇ ಸಭೆ ಇದಾಗಿದ್ದು, ಪ್ರತಿ ಸಭೆಯಲ್ಲೂ ಜನರ ಸಮಸ್ಯೆಗಳಿಗೆ ಸ್ಪಂದಿಸಲಾಗುತ್ತಿದೆ. ಸಾರ್ವಜನಿಕರು ನೀಡಿರುವ ಅರ್ಜಿಗಳನ್ನು ಶೀಘ್ರವಾಗಿ ವಿಲೇವಾರಿ ಮಾಡಲಾಗುವುದು ಎಂದರು. ಕೆಲ ಭಾಗಗಳಲ್ಲಿ ಕೆರೆ ಒತ್ತುವರಿ ತೆರವುಗೊಳಿಸಲು ಕ್ರಮ ಕೈಗೊಳ್ಳಲಾಗುವುದು. ಸ್ಮಶಾನ ಜಾಗ ಒದಗಿಸುವಂತೆಯೂ ಅರ್ಜಿ ಬಂದಿವೆ. ಈ ಸಂದರ್ಭದಲ್ಲಿ ತಹಶೀಲ್ದಾರ್, ತಾಲೂಕು ಪಂಚಾಯತಿ ಕಾರ್ಯನಿರ್ವಾಹಕ ಅಧಿಕಾರಿ ಹಾಗೂ ವಿವಿಧ ಇಲಾಖೆ ಅಧಿಕಾರಿಗಳು ಹಾಜರಿದ್ದರು.
ಫೆ.26 ರಂದು ಕಾರ್ಯಾಗಾರ
● ಭೀಮ ವಿಜಯ ನ್ಯೂಸ್
ಹಾಸನ: ಕೈಗಾರಿಕೆ ಮತ್ತು ವಾಣಿಜ್ಯ ಇಲಾಖೆ, ಜಿಲ್ಲಾ ಕೈಗಾರಿಕಾ ಕೇಂದ್ರ, ಹಾಗೂ ಟೆಕ್ಸ್‌ಸೆಕ್, ಬೆಂಗಳೂರು ವತಿಯಿಂದ ಸಂಯುಕ್ತಾಶ್ರಯದಲ್ಲಿ ಫೆ.26 ರಂದು ಬೆಳಗ್ಗೆ 10 ಗಂಟೆಗೆ ಹಾಸನ ಜಿಲ್ಲಾ ಕೈಗಾರಿಕಾ ಕೇಂದ್ರದಲ್ಲಿ ಉದ್ಯಮಶೀಲತಾ ಕಾರ್ಯಾಗಾರವನ್ನು ಆಯೋಜಿಸಲಾಗಿದೆ.
ಉದ್ದಿಮೆದಾರರು ಭಾಗವಹಿಸಿ ಸದರಿ ಕಾರ್ಯಾಗಾರದ ಸದುಪಯೋಗ ಪಡೆದುಕೊಳ್ಳಬೇಕು. ಹೆಚ್ಚಿನ ಮಾಹಿತಿಗಾಗಿ ದೂರವಾಣಿ ಸಂಖ್ಯೆ-08172-296217, 240606 ಅಥವಾ ಜಿಲ್ಲಾ ಕೈಗಾರಿಕಾ ಕೇಂದ್ರ ಹಾಸನ ಕಚೇರಿಯನ್ನು ಸಂಪರ್ಕಿಸುವಂತೆ ಜಿಲ್ಲಾ ಕೈಗಾರಿಕಾ ಕೇಂದ್ರದ ಜಂಟಿ ನಿರ್ದೇಶಕರು ತಿಳಿಸಿದ್ದಾರೆ.
